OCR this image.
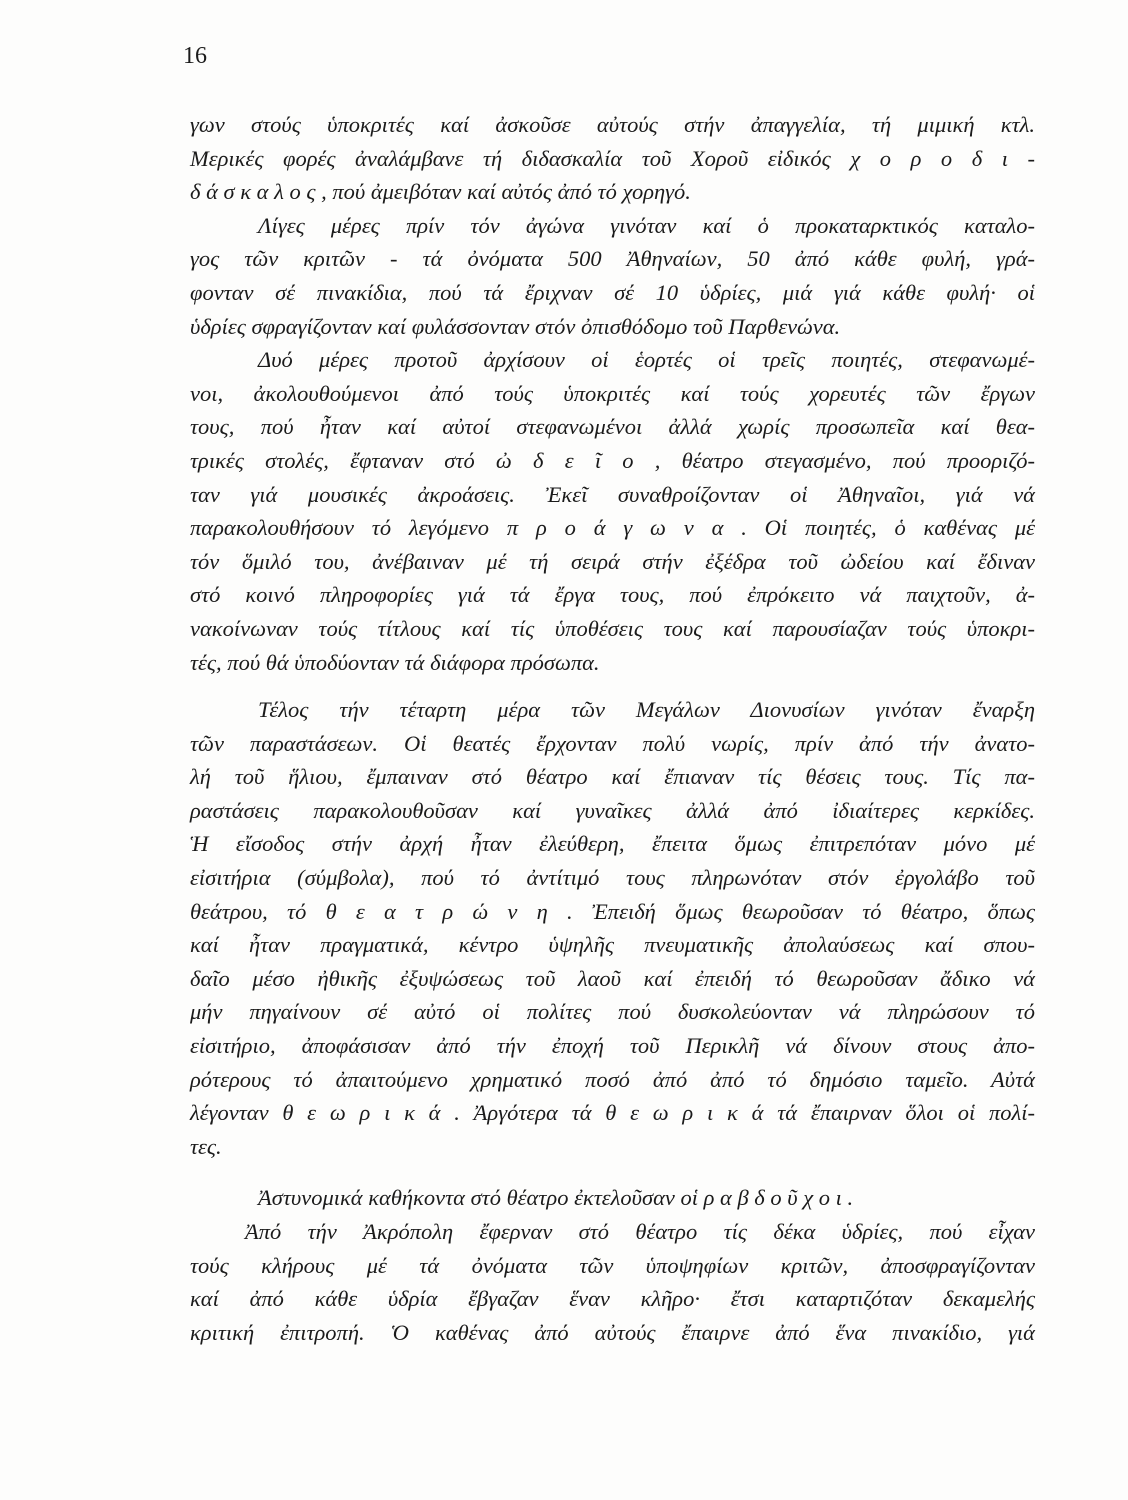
16
γων στούς ὑποκριτές καί ἀσκοῦσε αὐτούς στήν ἀπαγγελία, τή μιμική κτλ.
Μερικές φορές ἀναλάμβανε τή διδασκαλία τοῦ Χοροῦ εἰδικός χ ο ρ ο δ ι -
δ ά σ κ α λ ο ς , πού ἀμειβόταν καί αὐτός ἀπό τό χορηγό.
Λίγες μέρες πρίν τόν ἀγώνα γινόταν καί ὁ προκαταρκτικός καταλο-
γος τῶν κριτῶν - τά ὀνόματα 500 Ἀθηναίων, 50 ἀπό κάθε φυλή, γρά-
φονταν σέ πινακίδια, πού τά ἔριχναν σέ 10 ὑδρίες, μιά γιά κάθε φυλή· οἱ
ὑδρίες σφραγίζονταν καί φυλάσσονταν στόν ὀπισθόδομο τοῦ Παρθενώνα.
Δυό μέρες προτοῦ ἀρχίσουν οἱ ἑορτές οἱ τρεῖς ποιητές, στεφανωμέ-
νοι, ἀκολουθούμενοι ἀπό τούς ὑποκριτές καί τούς χορευτές τῶν ἔργων
τους, πού ἦταν καί αὐτοί στεφανωμένοι ἀλλά χωρίς προσωπεῖα καί θεα-
τρικές στολές, ἔφταναν στό ὠ δ ε ῖ ο , θέατρο στεγασμένο, πού προοριζό-
ταν γιά μουσικές ἀκροάσεις. Ἐκεῖ συναθροίζονταν οἱ Ἀθηναῖοι, γιά νά
παρακολουθήσουν τό λεγόμενο π ρ ο ά γ ω ν α . Οἱ ποιητές, ὁ καθένας μέ
τόν ὅμιλό του, ἀνέβαιναν μέ τή σειρά στήν ἐξέδρα τοῦ ὠδείου καί ἔδιναν
στό κοινό πληροφορίες γιά τά ἔργα τους, πού ἐπρόκειτο νά παιχτοῦν, ἀ-
νακοίνωναν τούς τίτλους καί τίς ὑποθέσεις τους καί παρουσίαζαν τούς ὑποκρι-
τές, πού θά ὑποδύονταν τά διάφορα πρόσωπα.
Τέλος τήν τέταρτη μέρα τῶν Μεγάλων Διονυσίων γινόταν ἔναρξη
τῶν παραστάσεων. Οἱ θεατές ἔρχονταν πολύ νωρίς, πρίν ἀπό τήν ἀνατο-
λή τοῦ ἥλιου, ἔμπαιναν στό θέατρο καί ἔπιαναν τίς θέσεις τους. Τίς πα-
ραστάσεις παρακολουθοῦσαν καί γυναῖκες ἀλλά ἀπό ἰδιαίτερες κερκίδες.
Ἡ εἴσοδος στήν ἀρχή ἦταν ἐλεύθερη, ἔπειτα ὅμως ἐπιτρεπόταν μόνο μέ
εἰσιτήρια (σύμβολα), πού τό ἀντίτιμό τους πληρωνόταν στόν ἐργολάβο τοῦ
θεάτρου, τό θ ε α τ ρ ώ ν η . Ἐπειδή ὅμως θεωροῦσαν τό θέατρο, ὅπως
καί ἦταν πραγματικά, κέντρο ὑψηλῆς πνευματικῆς ἀπολαύσεως καί σπου-
δαῖο μέσο ἠθικῆς ἐξυψώσεως τοῦ λαοῦ καί ἐπειδή τό θεωροῦσαν ἄδικο νά
μήν πηγαίνουν σέ αὐτό οἱ πολίτες πού δυσκολεύονταν νά πληρώσουν τό
εἰσιτήριο, ἀποφάσισαν ἀπό τήν ἐποχή τοῦ Περικλῆ νά δίνουν στους ἀπο-
ρότερους τό ἀπαιτούμενο χρηματικό ποσό ἀπό ἀπό τό δημόσιο ταμεῖο. Αὐτά
λέγονταν θ ε ω ρ ι κ ά . Ἀργότερα τά θ ε ω ρ ι κ ά τά ἔπαιρναν ὅλοι οἱ πολί-
τες.
Ἀστυνομικά καθήκοντα στό θέατρο ἐκτελοῦσαν οἱ ρ α β δ ο ῦ χ ο ι .
Ἀπό τήν Ἀκρόπολη ἔφερναν στό θέατρο τίς δέκα ὑδρίες, πού εἶχαν
τούς κλήρους μέ τά ὀνόματα τῶν ὑποψηφίων κριτῶν, ἀποσφραγίζονταν
καί ἀπό κάθε ὑδρία ἔβγαζαν ἕναν κλῆρο· ἔτσι καταρτιζόταν δεκαμελής
κριτική ἐπιτροπή. Ὁ καθένας ἀπό αὐτούς ἔπαιρνε ἀπό ἕνα πινακίδιο, γιά
